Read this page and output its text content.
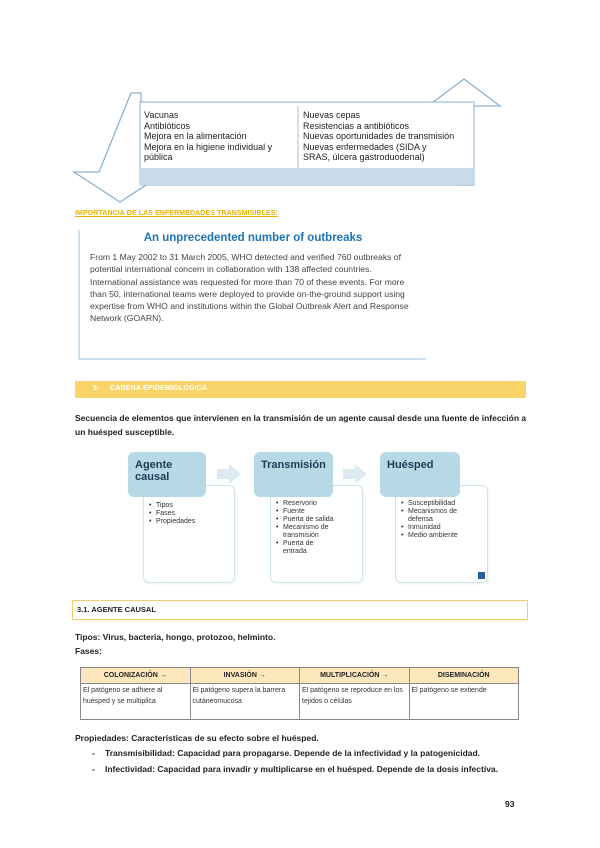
Vacunas
Antibióticos
Mejora en la alimentación
Mejora en la higiene individual y
pública
Nuevas cepas
Resistencias a antibióticos
Nuevas oportunidades de transmisión
Nuevas enfermedades (SIDA y
SRAS, úlcera gastroduodenal)
IMPORTANCIA DE LAS ENFERMEDADES TRANSMISIBLES:
An unprecedented number of outbreaks
From 1 May 2002 to 31 March 2005, WHO detected and verified 760 outbreaks of potential international concern in collaboration with 138 affected countries. International assistance was requested for more than 70 of these events. For more than 50, international teams were deployed to provide on-the-ground support using expertise from WHO and institutions within the Global Outbreak Alert and Response Network (GOARN).
3.     CADENA EPIDEMIOLÓGICA
Secuencia de elementos que intervienen en la transmisión de un agente causal desde una fuente de infección a
un huésped susceptible.
• Tipos
• Fases
• Propiedades
Agente
causal
• Reservorio
• Fuente
• Puerta de salida
• Mecanismo de transmisión
• Puerta de entrada
Transmisión
• Susceptibilidad
• Mecanismos de defensa
• Inmunidad
• Medio ambiente
Huésped
3.1. AGENTE CAUSAL
Tipos: Virus, bacteria, hongo, protozoo, helminto.
Fases:
COLONIZACIÓN →	INVASIÓN →	MULTIPLICACIÓN →	DISEMINACIÓN
El patógeno se adhiere al huésped y se multiplica	El patógeno supera la barrera cutáneomucosa	El patógeno se reproduce en los tejidos o células	El patógeno se extiende
Propiedades: Características de su efecto sobre el huésped.
- Transmisibilidad: Capacidad para propagarse. Depende de la infectividad y la patogenicidad.
- Infectividad: Capacidad para invadir y multiplicarse en el huésped. Depende de la dosis infectiva.
93
